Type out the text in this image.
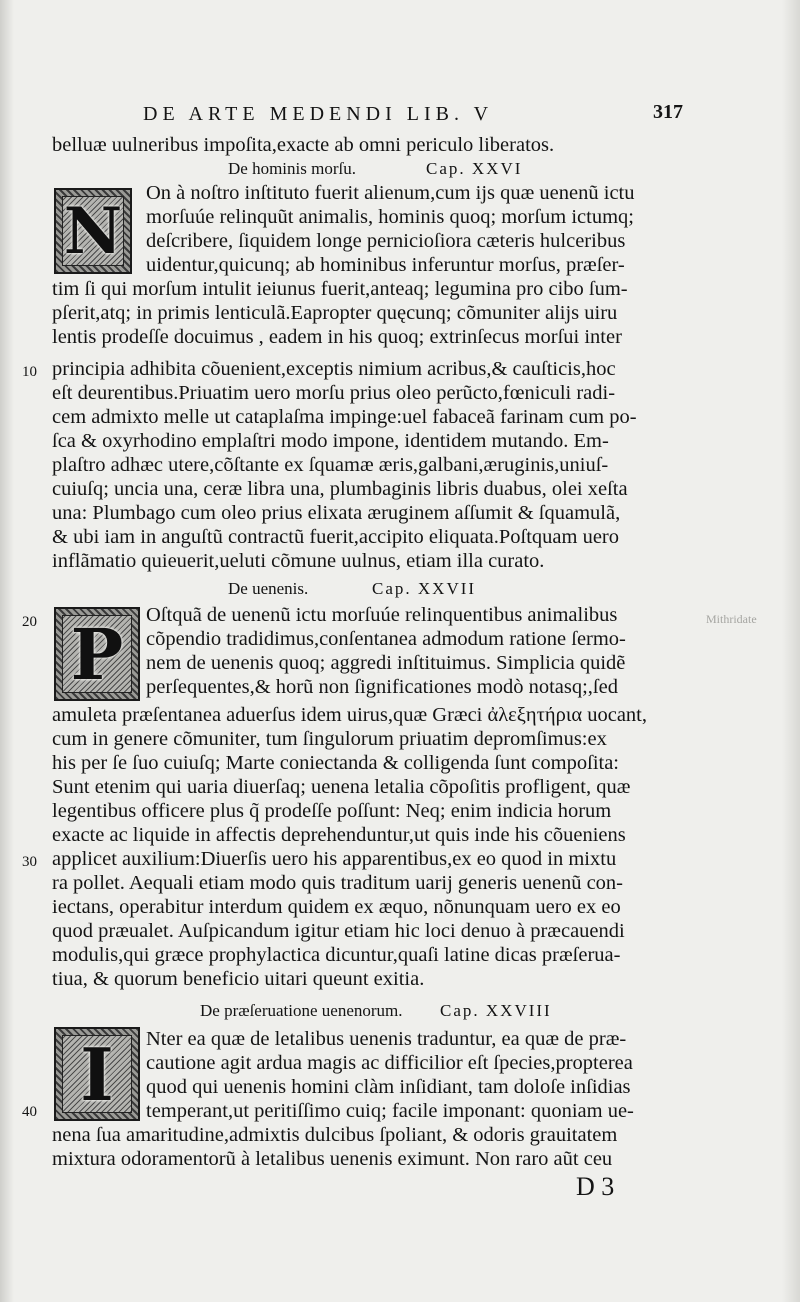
DE ARTE MEDENDI LIB. V	317
belluæ uulneribus impoſita,exacte ab omni periculo liberatos.
De hominis morſu.	Cap. XXVI
N
On à noſtro inſtituto fuerit alienum,cum ijs quæ uenenũ ictu
morſuúe relinquũt animalis, hominis quoq; morſum ictumq;
deſcribere, ſiquidem longe pernicioſiora cæteris hulceribus
uidentur,quicunq; ab hominibus inferuntur morſus, præſer-
tim ſi qui morſum intulit ieiunus fuerit,anteaq; legumina pro cibo ſum-
pſerit,atq; in primis lenticulã.Eapropter quęcunq; cõmuniter alijs uiru
lentis prodeſſe docuimus , eadem in his quoq; extrinſecus morſui inter
10 principia adhibita cõuenient,exceptis nimium acribus,& cauſticis,hoc
eſt deurentibus.Priuatim uero morſu prius oleo perũcto,fœniculi radi-
cem admixto melle ut cataplaſma impinge:uel fabaceã farinam cum po-
ſca & oxyrhodino emplaſtri modo impone, identidem mutando. Em-
plaſtro adhæc utere,cõſtante ex ſquamæ æris,galbani,æruginis,uniuſ-
cuiuſq; uncia una, ceræ libra una, plumbaginis libris duabus, olei xeſta
una: Plumbago cum oleo prius elixata æruginem aſſumit & ſquamulã,
& ubi iam in anguſtũ contractũ fuerit,accipito eliquata.Poſtquam uero
inflãmatio quieuerit,ueluti cõmune uulnus, etiam illa curato.
De uenenis.	Cap. XXVII
20 P	Oſtquã de uenenũ ictu morſuúe relinquentibus animalibus
cõpendio tradidimus,conſentanea admodum ratione ſermo-
nem de uenenis quoq; aggredi inſtituimus. Simplicia quidẽ
perſequentes,& horũ non ſignificationes modò notasq;,ſed
amuleta præſentanea aduerſus idem uirus,quæ Græci ἀλεξητήρια uocant,
cum in genere cõmuniter, tum ſingulorum priuatim depromſimus:ex
his per ſe ſuo cuiuſq; Marte coniectanda & colligenda ſunt compoſita:
Sunt etenim qui uaria diuerſaq; uenena letalia cõpoſitis profligent, quæ
legentibus officere plus q̃ prodeſſe poſſunt: Neq; enim indicia horum
exacte ac liquide in affectis deprehenduntur,ut quis inde his cõueniens
30 applicet auxilium:Diuerſis uero his apparentibus,ex eo quod in mixtu
ra pollet. Aequali etiam modo quis traditum uarij generis uenenũ con-
iectans, operabitur interdum quidem ex æquo, nõnunquam uero ex eo
quod præualet. Auſpicandum igitur etiam hic loci denuo à præcauendi
modulis,qui græce prophylactica dicuntur,quaſi latine dicas præſerua-
tiua, & quorum beneficio uitari queunt exitia.
De præſeruatione uenenorum. Cap. XXVIII
I	Nter ea quæ de letalibus uenenis traduntur, ea quæ de præ-
cautione agit ardua magis ac difficilior eſt ſpecies,propterea
quod qui uenenis homini clàm inſidiant, tam doloſe inſidias
40	temperant,ut peritiſſimo cuiq; facile imponant: quoniam ue-
nena ſua amaritudine,admixtis dulcibus ſpoliant, & odoris grauitatem
mixtura odoramentorũ à letalibus uenenis eximunt. Non raro aũt ceu
D 3
Mithridate
